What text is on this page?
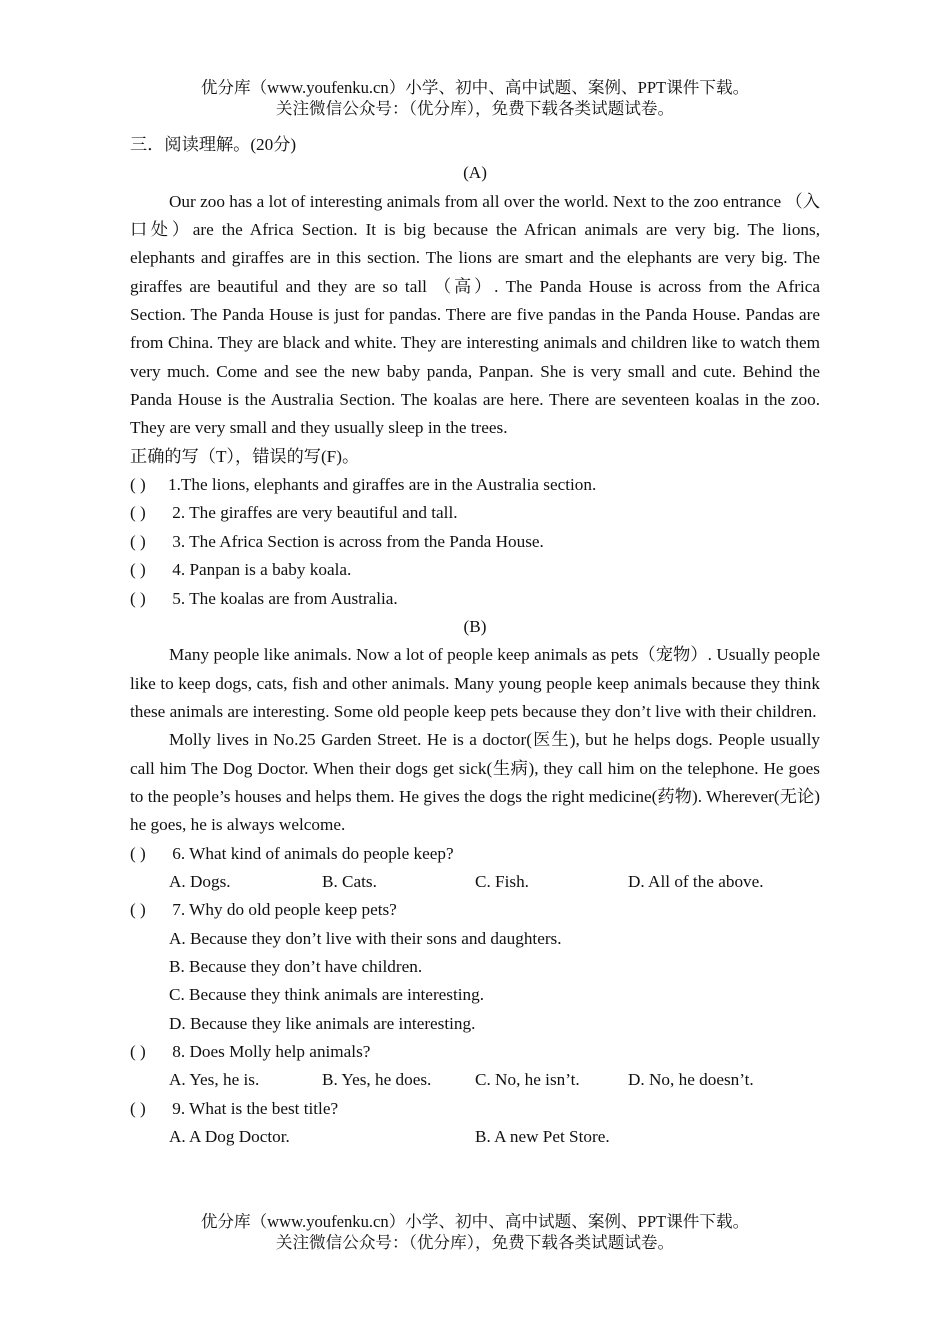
优分库（www.youfenku.cn）小学、初中、高中试题、案例、PPT课件下载。
关注微信公众号：（优分库），免费下载各类试题试卷。
三．阅读理解。(20分)
(A)

Our zoo has a lot of interesting animals from all over the world. Next to the zoo entrance （入口处）are the Africa Section. It is big because the African animals are very big. The lions, elephants and giraffes are in this section. The lions are smart and the elephants are very big. The giraffes are beautiful and they are so tall （高）. The Panda House is across from the Africa Section. The Panda House is just for pandas. There are five pandas in the Panda House. Pandas are from China. They are black and white. They are interesting animals and children like to watch them very much. Come and see the new baby panda, Panpan. She is very small and cute. Behind the Panda House is the Australia Section. The koalas are here. There are seventeen koalas in the zoo. They are very small and they usually sleep in the trees.

正确的写（T），错误的写(F)。
( ) 1.The lions, elephants and giraffes are in the Australia section.
( ) 2. The giraffes are very beautiful and tall.
( ) 3. The Africa Section is across from the Panda House.
( ) 4. Panpan is a baby koala.
( ) 5. The koalas are from Australia.
(B)

Many people like animals. Now a lot of people keep animals as pets（宠物）. Usually people like to keep dogs, cats, fish and other animals. Many young people keep animals because they think these animals are interesting. Some old people keep pets because they don’t live with their children.

Molly lives in No.25 Garden Street. He is a doctor(医生), but he helps dogs. People usually call him The Dog Doctor. When their dogs get sick(生病), they call him on the telephone. He goes to the people’s houses and helps them. He gives the dogs the right medicine(药物). Wherever(无论) he goes, he is always welcome.

( ) 6. What kind of animals do people keep?
A. Dogs.	B. Cats.	C. Fish.	D. All of the above.
( ) 7. Why do old people keep pets?
A. Because they don’t live with their sons and daughters.
B. Because they don’t have children.
C. Because they think animals are interesting.
D. Because they like animals are interesting.
( ) 8. Does Molly help animals?
A. Yes, he is.	B. Yes, he does.	C. No, he isn’t.	D. No, he doesn’t.
( ) 9. What is the best title?
A. A Dog Doctor.	B. A new Pet Store.
优分库（www.youfenku.cn）小学、初中、高中试题、案例、PPT课件下载。
关注微信公众号：（优分库），免费下载各类试题试卷。
